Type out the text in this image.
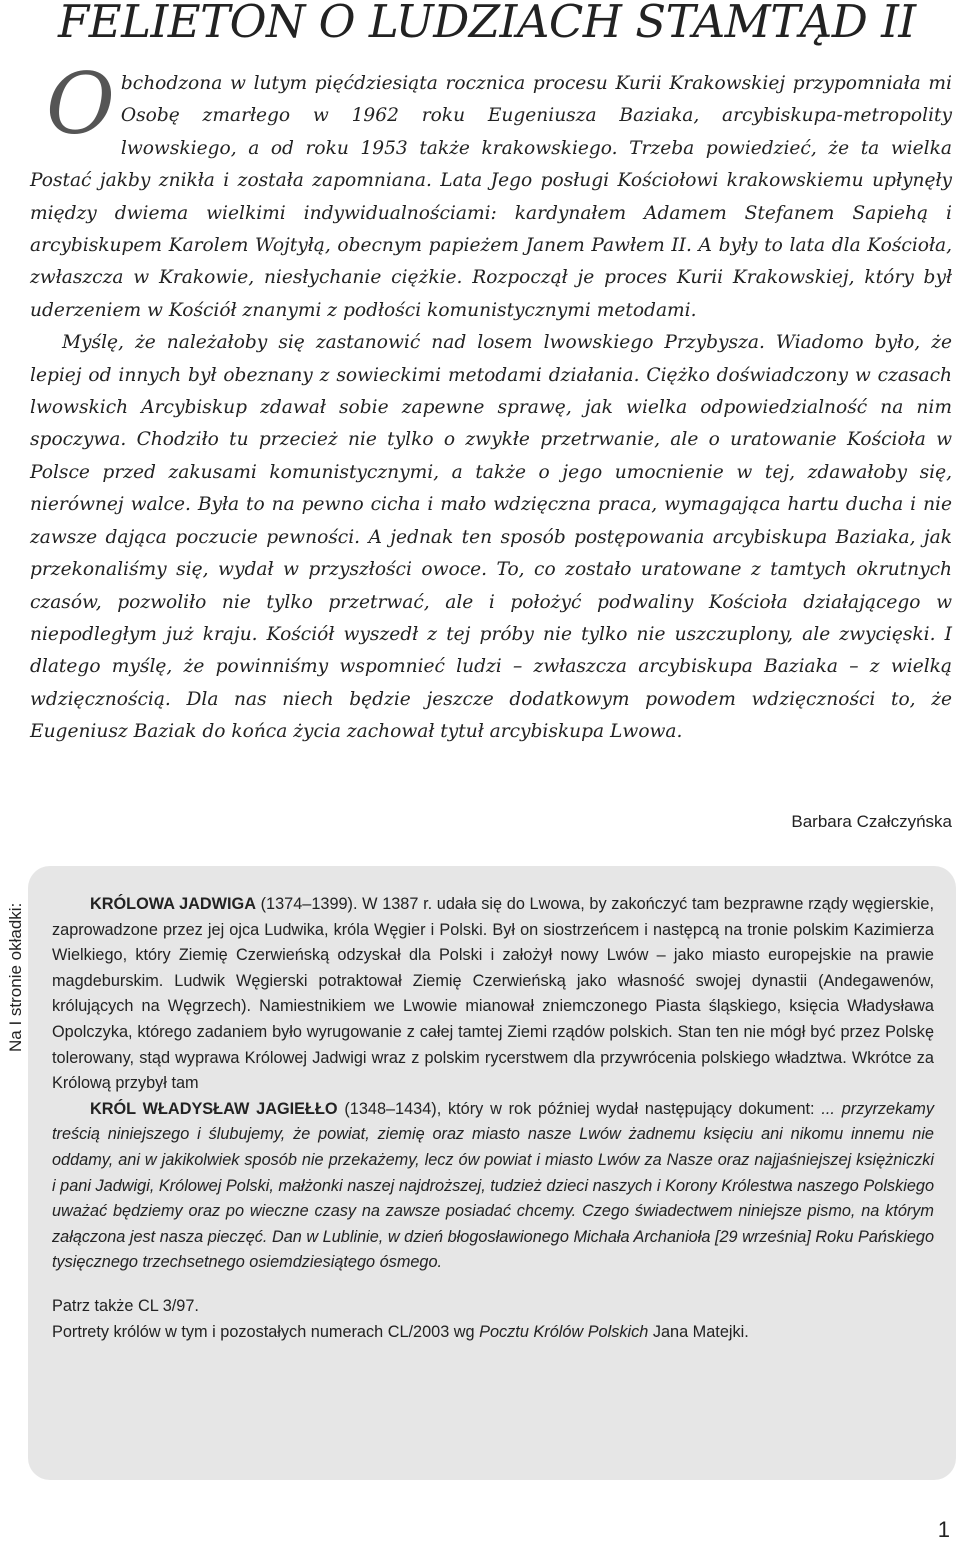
FELIETON O LUDZIACH STAMTĄD II

Obchodzona w lutym pięćdziesiąta rocznica procesu Kurii Krakowskiej przypomniała mi Osobę zmarłego w 1962 roku Eugeniusza Baziaka, arcybiskupa-metropolity lwowskiego, a od roku 1953 także krakowskiego. Trzeba powiedzieć, że ta wielka Postać jakby znikła i została zapomniana. Lata Jego posługi Kościołowi krakowskiemu upłynęły między dwiema wielkimi indywidualnościami: kardynałem Adamem Stefanem Sapiehą i arcybiskupem Karolem Wojtyłą, obecnym papieżem Janem Pawłem II. A były to lata dla Kościoła, zwłaszcza w Krakowie, niesłychanie ciężkie. Rozpoczął je proces Kurii Krakowskiej, który był uderzeniem w Kościół znanymi z podłości komunistycznymi metodami.

Myślę, że należałoby się zastanowić nad losem lwowskiego Przybysza. Wiadomo było, że lepiej od innych był obeznany z sowieckimi metodami działania. Ciężko doświadczony w czasach lwowskich Arcybiskup zdawał sobie zapewne sprawę, jak wielka odpowiedzialność na nim spoczywa. Chodziło tu przecież nie tylko o zwykłe przetrwanie, ale o uratowanie Kościoła w Polsce przed zakusami komunistycznymi, a także o jego umocnienie w tej, zdawałoby się, nierównej walce. Była to na pewno cicha i mało wdzięczna praca, wymagająca hartu ducha i nie zawsze dająca poczucie pewności. A jednak ten sposób postępowania arcybiskupa Baziaka, jak przekonaliśmy się, wydał w przyszłości owoce. To, co zostało uratowane z tamtych okrutnych czasów, pozwoliło nie tylko przetrwać, ale i położyć podwaliny Kościoła działającego w niepodległym już kraju. Kościół wyszedł z tej próby nie tylko nie uszczuplony, ale zwycięski. I dlatego myślę, że powinniśmy wspomnieć ludzi – zwłaszcza arcybiskupa Baziaka – z wielką wdzięcznością. Dla nas niech będzie jeszcze dodatkowym powodem wdzięczności to, że Eugeniusz Baziak do końca życia zachował tytuł arcybiskupa Lwowa.

Barbara Czałczyńska
Na I stronie okładki:	KRÓLOWA JADWIGA (1374–1399). W 1387 r. udała się do Lwowa, by zakończyć tam bezprawne rządy węgierskie, zaprowadzone przez jej ojca Ludwika, króla Węgier i Polski. Był on siostrzeńcem i następcą na tronie polskim Kazimierza Wielkiego, który Ziemię Czerwieńską odzyskał dla Polski i założył nowy Lwów – jako miasto europejskie na prawie magdeburskim. Ludwik Węgierski potraktował Ziemię Czerwieńską jako własność swojej dynastii (Andegawenów, królujących na Węgrzech). Namiestnikiem we Lwowie mianował zniemczonego Piasta śląskiego, księcia Władysława Opolczyka, którego zadaniem było wyrugowanie z całej tamtej Ziemi rządów polskich. Stan ten nie mógł być przez Polskę tolerowany, stąd wyprawa Królowej Jadwigi wraz z polskim rycerstwem dla przywrócenia polskiego władztwa. Wkrótce za Królową przybył tam

KRÓL WŁADYSŁAW JAGIEŁŁO (1348–1434), który w rok później wydał następujący dokument: ... przyrzekamy treścią niniejszego i ślubujemy, że powiat, ziemię oraz miasto nasze Lwów żadnemu księciu ani nikomu innemu nie oddamy, ani w jakikolwiek sposób nie przekażemy, lecz ów powiat i miasto Lwów za Nasze oraz najjaśniejszej księżniczki i pani Jadwigi, Królowej Polski, małżonki naszej najdroższej, tudzież dzieci naszych i Korony Królestwa naszego Polskiego uważać będziemy oraz po wieczne czasy na zawsze posiadać chcemy. Czego świadectwem niniejsze pismo, na którym załączona jest nasza pieczęć. Dan w Lublinie, w dzień błogosławionego Michała Archanioła [29 września] Roku Pańskiego tysięcznego trzechsetnego osiemdziesiątego ósmego.

Patrz także CL 3/97.
Portrety królów w tym i pozostałych numerach CL/2003 wg Pocztu Królów Polskich Jana Matejki.
1
